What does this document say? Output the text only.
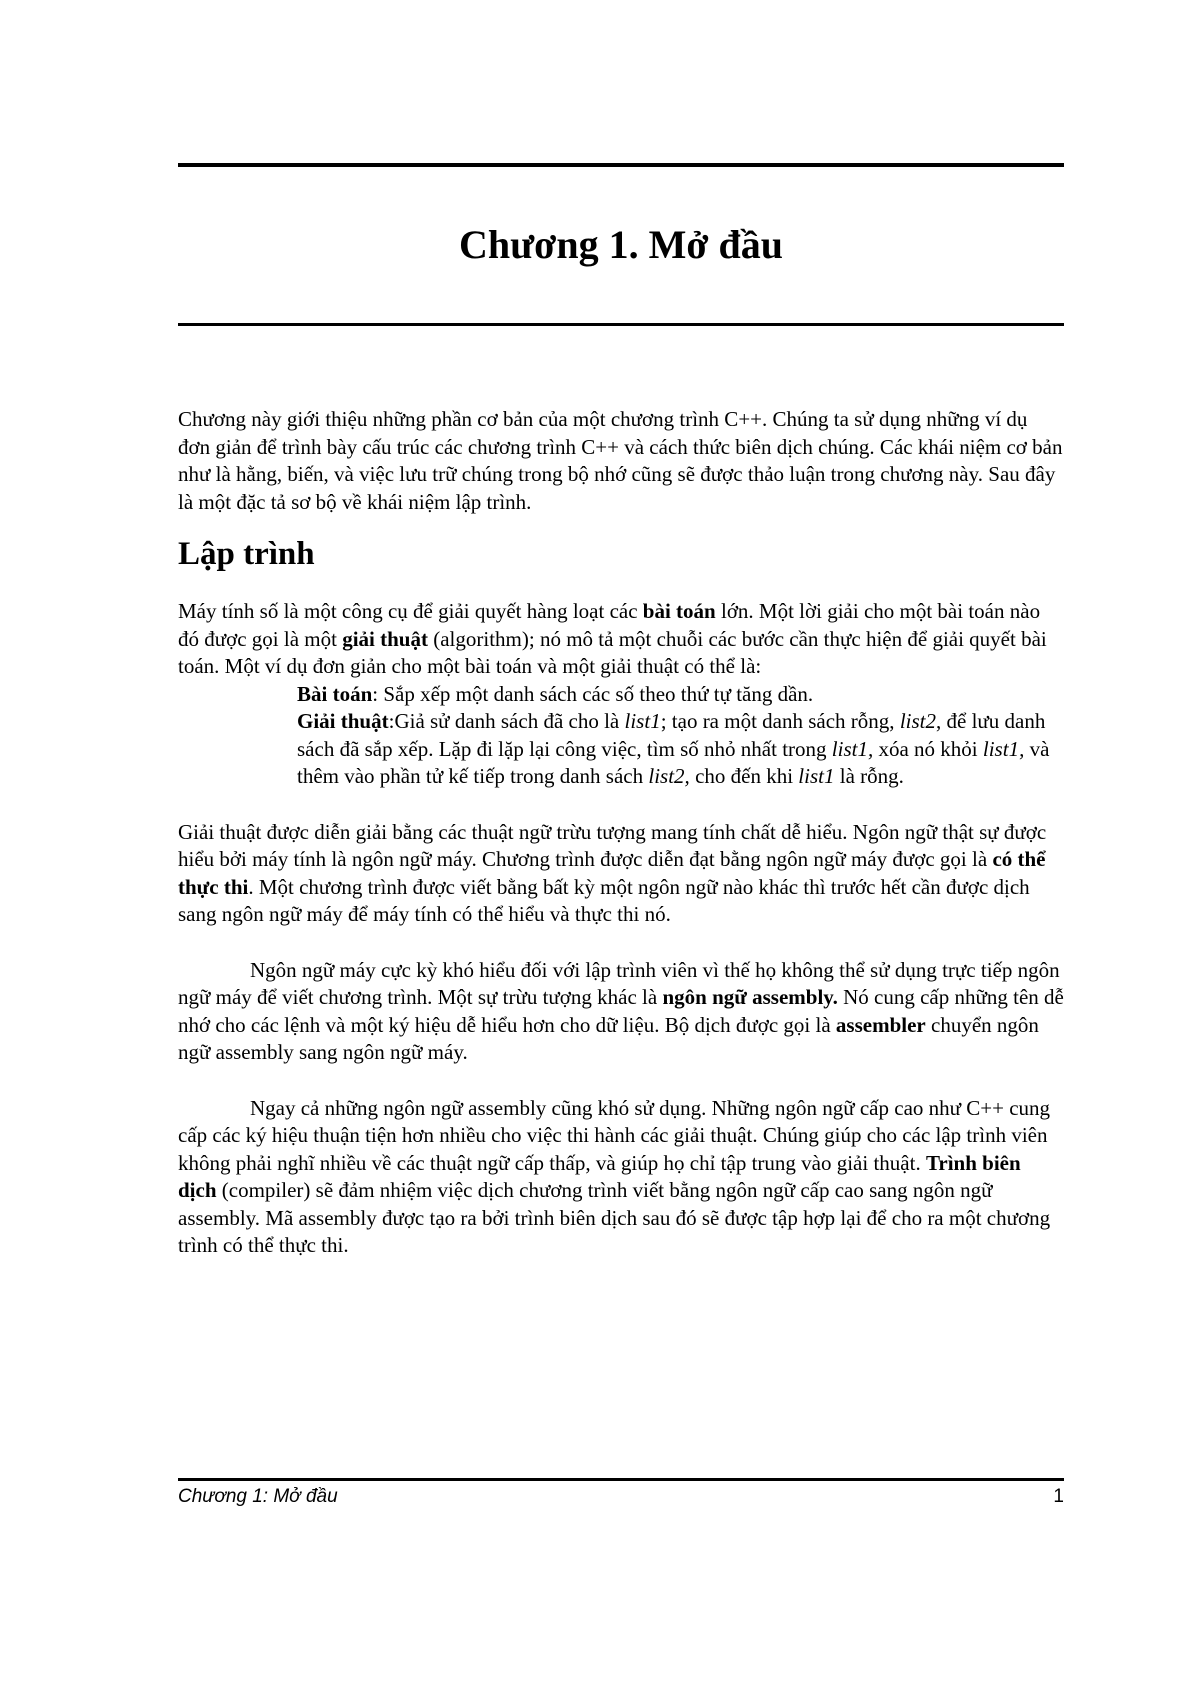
Chương 1. Mở đầu

Chương này giới thiệu những phần cơ bản của một chương trình C++. Chúng ta sử dụng những ví dụ đơn giản để trình bày cấu trúc các chương trình C++ và cách thức biên dịch chúng. Các khái niệm cơ bản như là hằng, biến, và việc lưu trữ chúng trong bộ nhớ cũng sẽ được thảo luận trong chương này. Sau đây là một đặc tả sơ bộ về khái niệm lập trình.

Lập trình

Máy tính số là một công cụ để giải quyết hàng loạt các bài toán lớn. Một lời giải cho một bài toán nào đó được gọi là một giải thuật (algorithm); nó mô tả một chuỗi các bước cần thực hiện để giải quyết bài toán. Một ví dụ đơn giản cho một bài toán và một giải thuật có thể là:

Bài toán: Sắp xếp một danh sách các số theo thứ tự tăng dần.

Giải thuật:Giả sử danh sách đã cho là list1; tạo ra một danh sách rỗng, list2, để lưu danh sách đã sắp xếp. Lặp đi lặp lại công việc, tìm số nhỏ nhất trong list1, xóa nó khỏi list1, và thêm vào phần tử kế tiếp trong danh sách list2, cho đến khi list1 là rỗng.

Giải thuật được diễn giải bằng các thuật ngữ trừu tượng mang tính chất dễ hiểu. Ngôn ngữ thật sự được hiểu bởi máy tính là ngôn ngữ máy. Chương trình được diễn đạt bằng ngôn ngữ máy được gọi là có thể thực thi. Một chương trình được viết bằng bất kỳ một ngôn ngữ nào khác thì trước hết cần được dịch sang ngôn ngữ máy để máy tính có thể hiểu và thực thi nó.

Ngôn ngữ máy cực kỳ khó hiểu đối với lập trình viên vì thế họ không thể sử dụng trực tiếp ngôn ngữ máy để viết chương trình. Một sự trừu tượng khác là ngôn ngữ assembly. Nó cung cấp những tên dễ nhớ cho các lệnh và một ký hiệu dễ hiểu hơn cho dữ liệu. Bộ dịch được gọi là assembler chuyển ngôn ngữ assembly sang ngôn ngữ máy.

Ngay cả những ngôn ngữ assembly cũng khó sử dụng. Những ngôn ngữ cấp cao như C++ cung cấp các ký hiệu thuận tiện hơn nhiều cho việc thi hành các giải thuật. Chúng giúp cho các lập trình viên không phải nghĩ nhiều về các thuật ngữ cấp thấp, và giúp họ chỉ tập trung vào giải thuật. Trình biên dịch (compiler) sẽ đảm nhiệm việc dịch chương trình viết bằng ngôn ngữ cấp cao sang ngôn ngữ assembly. Mã assembly được tạo ra bởi trình biên dịch sau đó sẽ được tập hợp lại để cho ra một chương trình có thể thực thi.

Chương 1: Mở đầu	1
